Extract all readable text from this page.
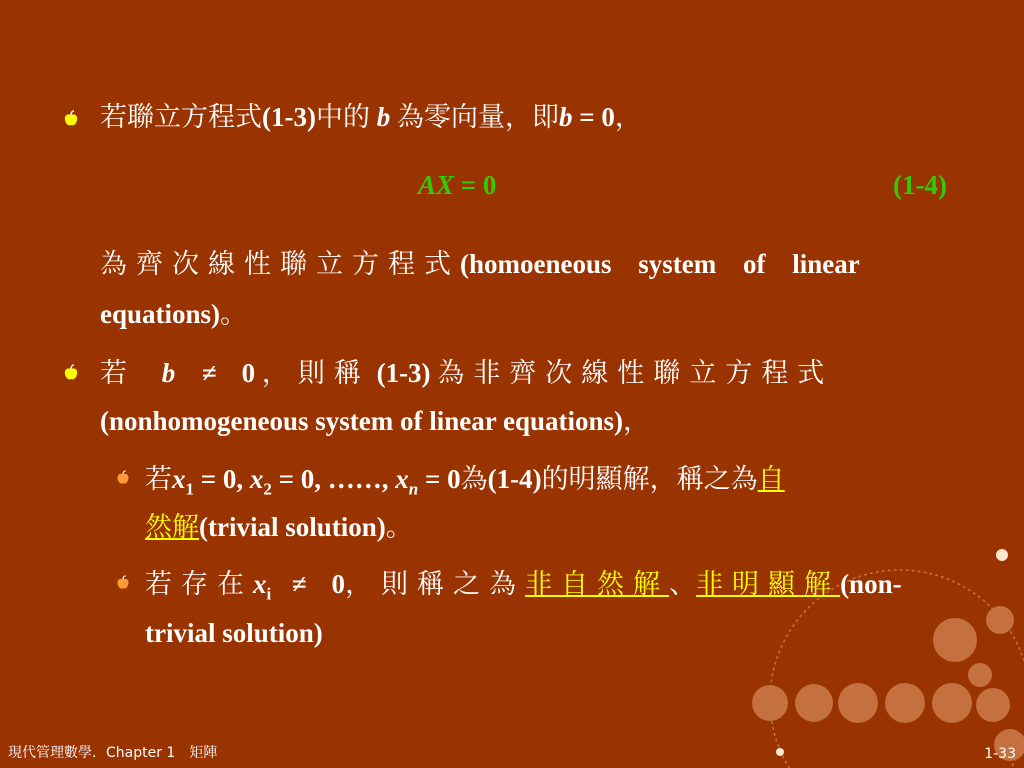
若聯立方程式(1-3)中的 b 為零向量，即b = 0，
AX = 0	(1-4)
為齊次線性聯立方程式(homoeneous system of linear
equations)。
若 b ≠ 0 ，則稱 (1-3) 為非齊次線性聯立方程式
(nonhomogeneous system of linear equations)，
若$x_1 = 0$, $x_2 = 0$, ……, $x_n = 0$為(1-4)的明顯解，稱之為自
然解(trivial solution)。
若存在$x_i \ne 0$，則稱之為非自然解、非明顯解(non-
trivial solution)
現代管理數學．Chapter 1　矩陣	1-33
